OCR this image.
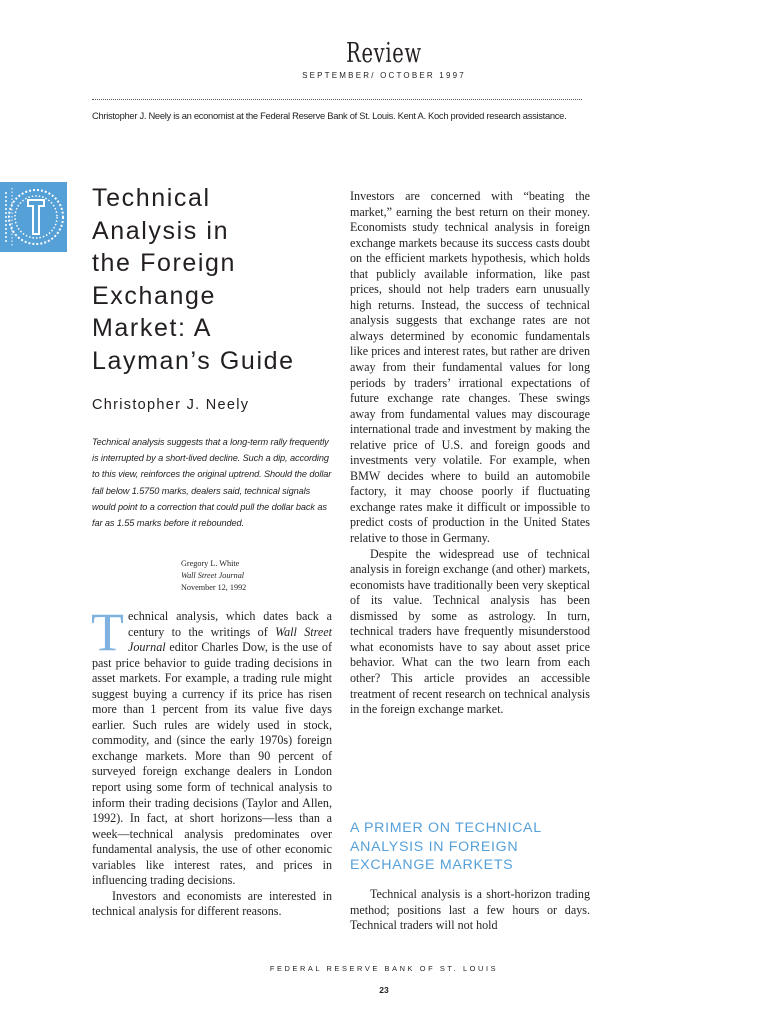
Review
SEPTEMBER/ OCTOBER 1997
Christopher J. Neely is an economist at the Federal Reserve Bank of St. Louis. Kent A. Koch provided research assistance.
Technical
Analysis in
the Foreign
Exchange
Market: A
Layman’s Guide
Christopher J. Neely
Technical analysis suggests that a long-term rally frequently is interrupted by a short-lived decline. Such a dip, according to this view, reinforces the original uptrend. Should the dollar fall below 1.5750 marks, dealers said, technical signals would point to a correction that could pull the dollar back as far as 1.55 marks before it rebounded.
Gregory L. White
Wall Street Journal
November 12, 1992

Technical analysis, which dates back a century to the writings of Wall Street Journal editor Charles Dow, is the use of past price behavior to guide trading decisions in asset markets. For example, a trading rule might suggest buying a currency if its price has risen more than 1 percent from its value five days earlier. Such rules are widely used in stock, commodity, and (since the early 1970s) foreign exchange markets. More than 90 percent of surveyed foreign exchange dealers in London report using some form of technical analysis to inform their trading decisions (Taylor and Allen, 1992). In fact, at short horizons—less than a week—technical analysis predominates over fundamental analysis, the use of other economic variables like interest rates, and prices in influencing trading decisions.

Investors and economists are interested in technical analysis for different reasons.

Investors are concerned with “beating the market,” earning the best return on their money. Economists study technical analysis in foreign exchange markets because its success casts doubt on the efficient markets hypothesis, which holds that publicly available information, like past prices, should not help traders earn unusually high returns. Instead, the success of technical analysis suggests that exchange rates are not always determined by economic fundamentals like prices and interest rates, but rather are driven away from their fundamental values for long periods by traders’ irrational expectations of future exchange rate changes. These swings away from fundamental values may discourage international trade and investment by making the relative price of U.S. and foreign goods and investments very volatile. For example, when BMW decides where to build an automobile factory, it may choose poorly if fluctuating exchange rates make it difficult or impossible to predict costs of production in the United States relative to those in Germany.

Despite the widespread use of technical analysis in foreign exchange (and other) markets, economists have traditionally been very skeptical of its value. Technical analysis has been dismissed by some as astrology. In turn, technical traders have frequently misunderstood what economists have to say about asset price behavior. What can the two learn from each other? This article provides an accessible treatment of recent research on technical analysis in the foreign exchange market.

A PRIMER ON TECHNICAL ANALYSIS IN FOREIGN EXCHANGE MARKETS

Technical analysis is a short-horizon trading method; positions last a few hours or days. Technical traders will not hold

FEDERAL RESERVE BANK OF ST. LOUIS
23
